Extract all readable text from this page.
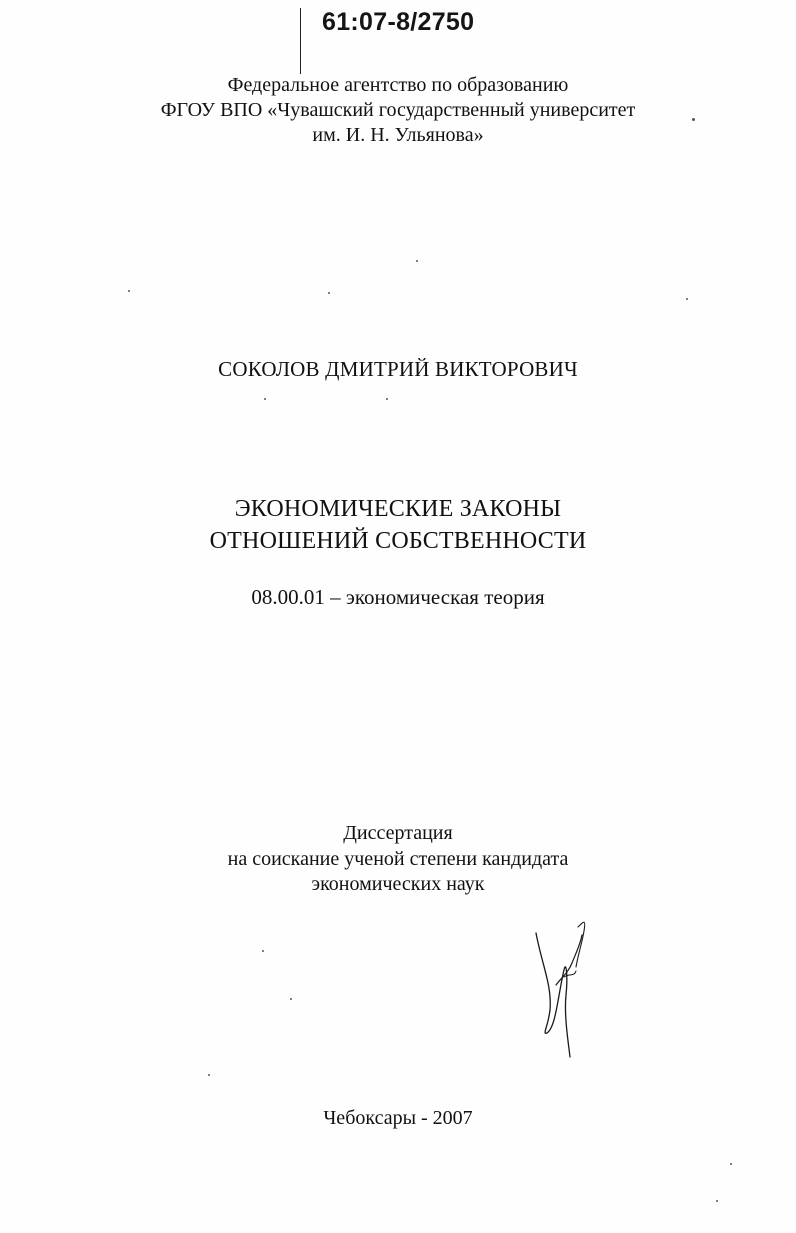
61:07-8/2750
Федеральное агентство по образованию
ФГОУ ВПО «Чувашский государственный университет
им. И. Н. Ульянова»
СОКОЛОВ ДМИТРИЙ ВИКТОРОВИЧ
ЭКОНОМИЧЕСКИЕ ЗАКОНЫ
ОТНОШЕНИЙ СОБСТВЕННОСТИ
08.00.01 – экономическая теория
Диссертация
на соискание ученой степени кандидата
экономических наук
Чебоксары - 2007
